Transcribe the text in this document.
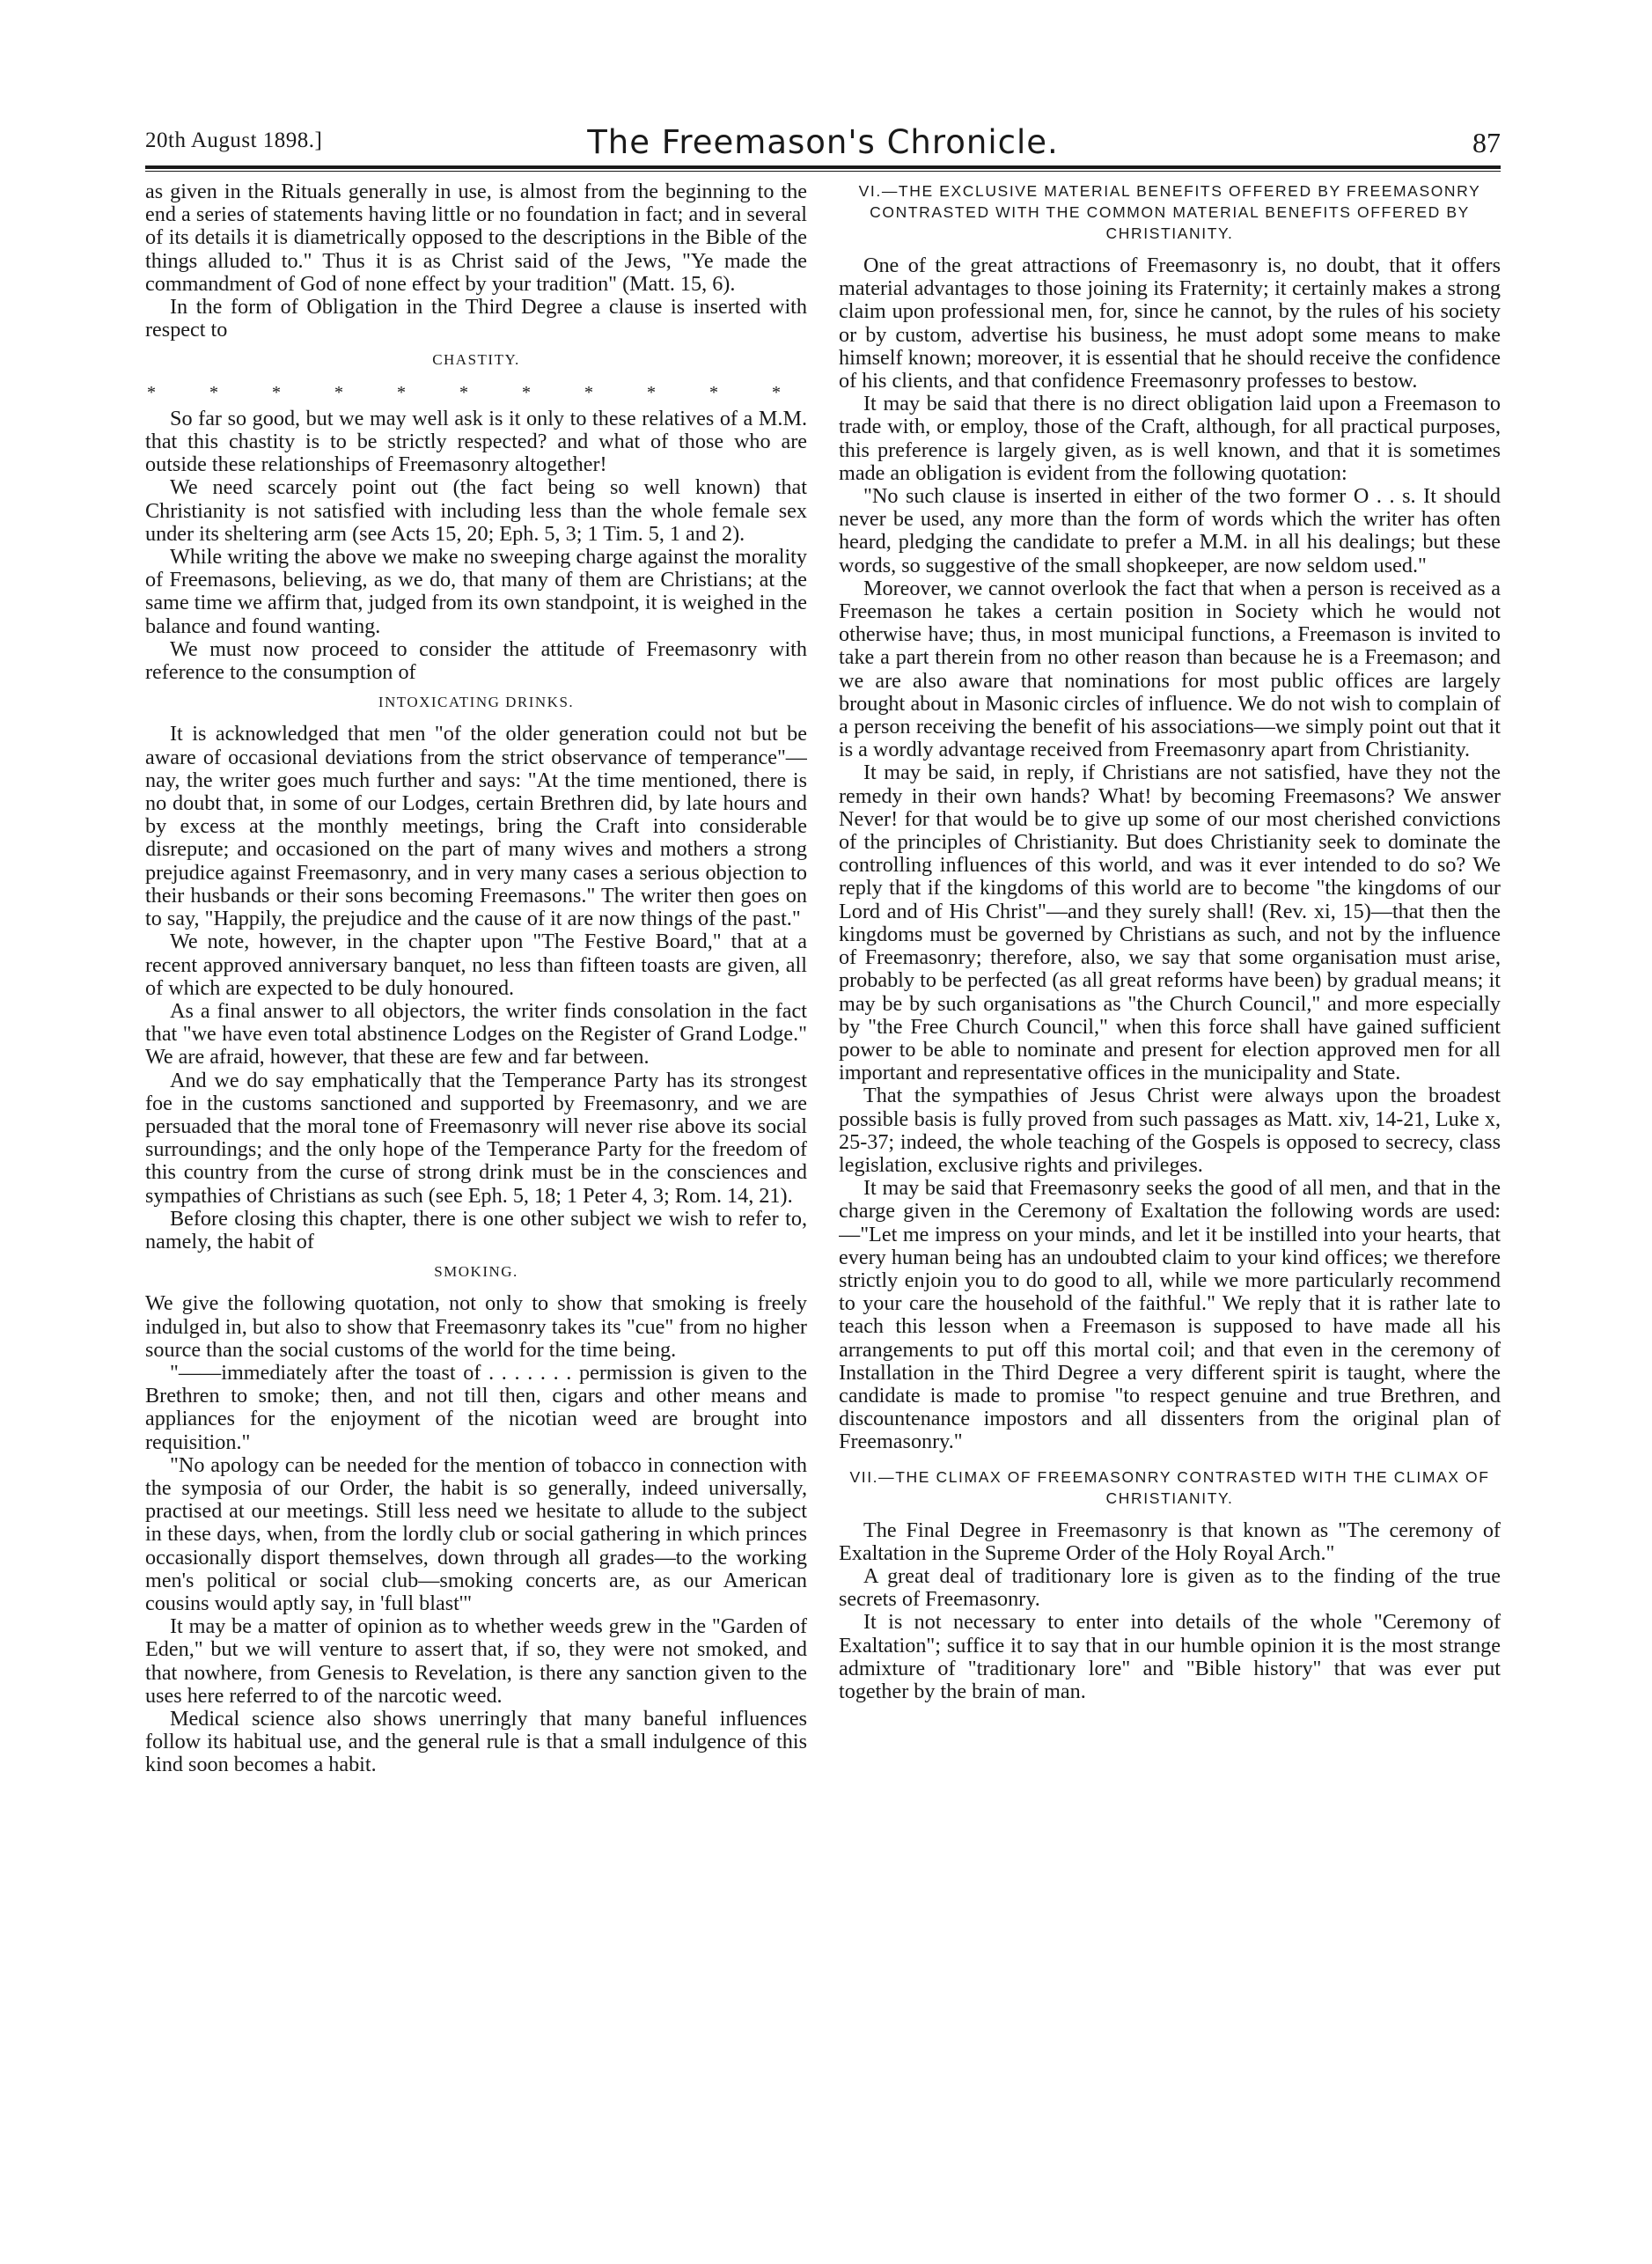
20th August 1898.]	The Freemason's Chronicle.	87

as given in the Rituals generally in use, is almost from the beginning to the end a series of statements having little or no foundation in fact; and in several of its details it is diametrically opposed to the descriptions in the Bible of the things alluded to." Thus it is as Christ said of the Jews, "Ye made the commandment of God of none effect by your tradition" (Matt. 15, 6).

In the form of Obligation in the Third Degree a clause is inserted with respect to

CHASTITY.
* * * * * * * * * * *

So far so good, but we may well ask is it only to these relatives of a M.M. that this chastity is to be strictly respected? and what of those who are outside these relationships of Freemasonry altogether!

We need scarcely point out (the fact being so well known) that Christianity is not satisfied with including less than the whole female sex under its sheltering arm (see Acts 15, 20; Eph. 5, 3; 1 Tim. 5, 1 and 2).

While writing the above we make no sweeping charge against the morality of Freemasons, believing, as we do, that many of them are Christians; at the same time we affirm that, judged from its own standpoint, it is weighed in the balance and found wanting.

We must now proceed to consider the attitude of Freemasonry with reference to the consumption of

INTOXICATING DRINKS.

It is acknowledged that men "of the older generation could not but be aware of occasional deviations from the strict observance of temperance"—nay, the writer goes much further and says: "At the time mentioned, there is no doubt that, in some of our Lodges, certain Brethren did, by late hours and by excess at the monthly meetings, bring the Craft into considerable disrepute; and occasioned on the part of many wives and mothers a strong prejudice against Freemasonry, and in very many cases a serious objection to their husbands or their sons becoming Freemasons." The writer then goes on to say, "Happily, the prejudice and the cause of it are now things of the past."

We note, however, in the chapter upon "The Festive Board," that at a recent approved anniversary banquet, no less than fifteen toasts are given, all of which are expected to be duly honoured.

As a final answer to all objectors, the writer finds consolation in the fact that "we have even total abstinence Lodges on the Register of Grand Lodge." We are afraid, however, that these are few and far between.

And we do say emphatically that the Temperance Party has its strongest foe in the customs sanctioned and supported by Freemasonry, and we are persuaded that the moral tone of Freemasonry will never rise above its social surroundings; and the only hope of the Temperance Party for the freedom of this country from the curse of strong drink must be in the consciences and sympathies of Christians as such (see Eph. 5, 18; 1 Peter 4, 3; Rom. 14, 21).

Before closing this chapter, there is one other subject we wish to refer to, namely, the habit of

SMOKING.

We give the following quotation, not only to show that smoking is freely indulged in, but also to show that Freemasonry takes its "cue" from no higher source than the social customs of the world for the time being.

"——immediately after the toast of . . . . . . . permission is given to the Brethren to smoke; then, and not till then, cigars and other means and appliances for the enjoyment of the nicotian weed are brought into requisition."

"No apology can be needed for the mention of tobacco in connection with the symposia of our Order, the habit is so generally, indeed universally, practised at our meetings. Still less need we hesitate to allude to the subject in these days, when, from the lordly club or social gathering in which princes occasionally disport themselves, down through all grades—to the working men's political or social club—smoking concerts are, as our American cousins would aptly say, in 'full blast'"

It may be a matter of opinion as to whether weeds grew in the "Garden of Eden," but we will venture to assert that, if so, they were not smoked, and that nowhere, from Genesis to Revelation, is there any sanction given to the uses here referred to of the narcotic weed.

Medical science also shows unerringly that many baneful influences follow its habitual use, and the general rule is that a small indulgence of this kind soon becomes a habit.

VI.—THE EXCLUSIVE MATERIAL BENEFITS OFFERED BY FREEMASONRY CONTRASTED WITH THE COMMON MATERIAL BENEFITS OFFERED BY CHRISTIANITY.

One of the great attractions of Freemasonry is, no doubt, that it offers material advantages to those joining its Fraternity; it certainly makes a strong claim upon professional men, for, since he cannot, by the rules of his society or by custom, advertise his business, he must adopt some means to make himself known; moreover, it is essential that he should receive the confidence of his clients, and that confidence Freemasonry professes to bestow.

It may be said that there is no direct obligation laid upon a Freemason to trade with, or employ, those of the Craft, although, for all practical purposes, this preference is largely given, as is well known, and that it is sometimes made an obligation is evident from the following quotation:

"No such clause is inserted in either of the two former O . . s. It should never be used, any more than the form of words which the writer has often heard, pledging the candidate to prefer a M.M. in all his dealings; but these words, so suggestive of the small shopkeeper, are now seldom used."

Moreover, we cannot overlook the fact that when a person is received as a Freemason he takes a certain position in Society which he would not otherwise have; thus, in most municipal functions, a Freemason is invited to take a part therein from no other reason than because he is a Freemason; and we are also aware that nominations for most public offices are largely brought about in Masonic circles of influence. We do not wish to complain of a person receiving the benefit of his associations—we simply point out that it is a wordly advantage received from Freemasonry apart from Christianity.

It may be said, in reply, if Christians are not satisfied, have they not the remedy in their own hands? What! by becoming Freemasons? We answer Never! for that would be to give up some of our most cherished convictions of the principles of Christianity. But does Christianity seek to dominate the controlling influences of this world, and was it ever intended to do so? We reply that if the kingdoms of this world are to become "the kingdoms of our Lord and of His Christ"—and they surely shall! (Rev. xi, 15)—that then the kingdoms must be governed by Christians as such, and not by the influence of Freemasonry; therefore, also, we say that some organisation must arise, probably to be perfected (as all great reforms have been) by gradual means; it may be by such organisations as "the Church Council," and more especially by "the Free Church Council," when this force shall have gained sufficient power to be able to nominate and present for election approved men for all important and representative offices in the municipality and State.

That the sympathies of Jesus Christ were always upon the broadest possible basis is fully proved from such passages as Matt. xiv, 14-21, Luke x, 25-37; indeed, the whole teaching of the Gospels is opposed to secrecy, class legislation, exclusive rights and privileges.

It may be said that Freemasonry seeks the good of all men, and that in the charge given in the Ceremony of Exaltation the following words are used:—"Let me impress on your minds, and let it be instilled into your hearts, that every human being has an undoubted claim to your kind offices; we therefore strictly enjoin you to do good to all, while we more particularly recommend to your care the household of the faithful." We reply that it is rather late to teach this lesson when a Freemason is supposed to have made all his arrangements to put off this mortal coil; and that even in the ceremony of Installation in the Third Degree a very different spirit is taught, where the candidate is made to promise "to respect genuine and true Brethren, and discountenance impostors and all dissenters from the original plan of Freemasonry."

VII.—THE CLIMAX OF FREEMASONRY CONTRASTED WITH THE CLIMAX OF CHRISTIANITY.

The Final Degree in Freemasonry is that known as "The ceremony of Exaltation in the Supreme Order of the Holy Royal Arch."

A great deal of traditionary lore is given as to the finding of the true secrets of Freemasonry.

It is not necessary to enter into details of the whole "Ceremony of Exaltation"; suffice it to say that in our humble opinion it is the most strange admixture of "traditionary lore" and "Bible history" that was ever put together by the brain of man.
